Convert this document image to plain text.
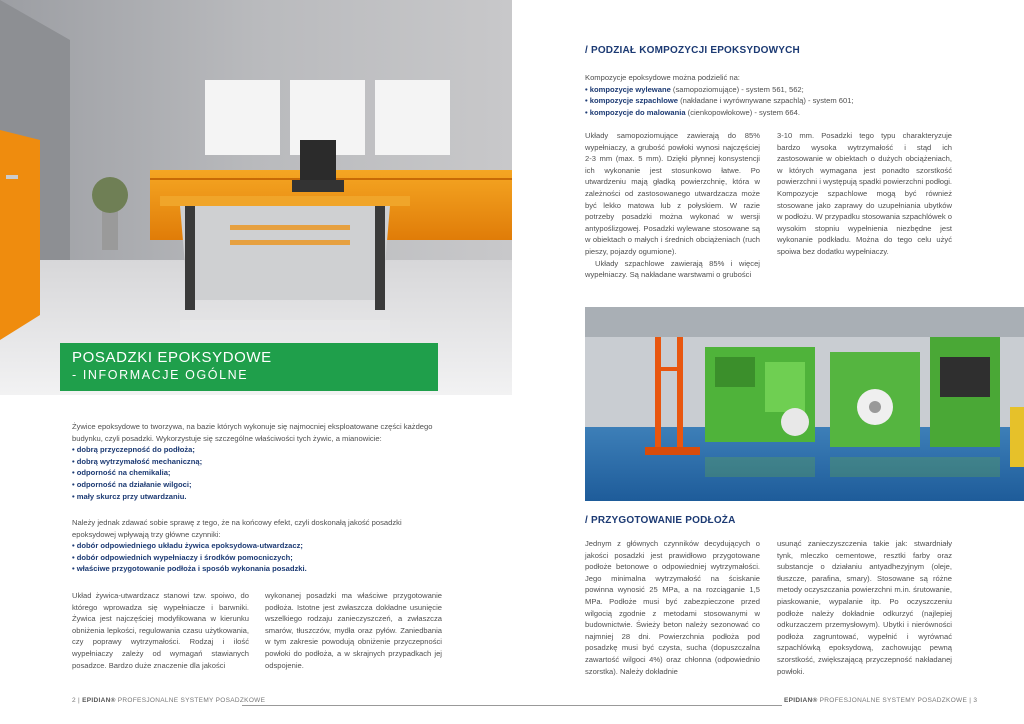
POSADZKI EPOKSYDOWE
- INFORMACJE OGÓLNE

Żywice epoksydowe to tworzywa, na bazie których wykonuje się najmocniej eksploatowane części każdego budynku, czyli posadzki. Wykorzystuje się szczególne właściwości tych żywic, a mianowicie:

• dobrą przyczepność do podłoża;

• dobrą wytrzymałość mechaniczną;

• odporność na chemikalia;

• odporność na działanie wilgoci;

• mały skurcz przy utwardzaniu.

Należy jednak zdawać sobie sprawę z tego, że na końcowy efekt, czyli doskonałą jakość posadzki epoksydowej wpływają trzy główne czynniki:

• dobór odpowiedniego układu żywica epoksydowa-utwardzacz;

• dobór odpowiednich wypełniaczy i środków pomocniczych;

• właściwe przygotowanie podłoża i sposób wykonania posadzki.

Układ żywica-utwardzacz stanowi tzw. spoiwo, do którego wprowadza się wypełniacze i barwniki. Żywica jest najczęściej modyfikowana w kierunku obniżenia lepkości, regulowania czasu użytkowania, czy poprawy wytrzymałości. Rodzaj i ilość wypełniaczy zależy od wymagań stawianych posadzce. Bardzo duże znaczenie dla jakości
wykonanej posadzki ma właściwe przygotowanie podłoża. Istotne jest zwłaszcza dokładne usunięcie wszelkiego rodzaju zanieczyszczeń, a zwłaszcza smarów, tłuszczów, mydła oraz pyłów. Zaniedbania w tym zakresie powodują obniżenie przyczepności powłoki do podłoża, a w skrajnych przypadkach jej odspojenie.
2 | EPIDIAN® PROFESJONALNE SYSTEMY POSADZKOWE
/ PODZIAŁ KOMPOZYCJI EPOKSYDOWYCH

Kompozycje epoksydowe można podzielić na:

• kompozycje wylewane (samopoziomujące) - system 561, 562;

• kompozycje szpachlowe (nakładane i wyrównywane szpachlą) - system 601;

• kompozycje do malowania (cienkopowłokowe) - system 664.

Układy samopoziomujące zawierają do 85% wypełniaczy, a grubość powłoki wynosi najczęściej 2-3 mm (max. 5 mm). Dzięki płynnej konsystencji ich wykonanie jest stosunkowo łatwe. Po utwardzeniu mają gładką powierzchnię, która w zależności od zastosowanego utwardzacza może być lekko matowa lub z połyskiem. W razie potrzeby posadzki można wykonać w wersji antypoślizgowej. Posadzki wylewane stosowane są w obiektach o małych i średnich obciążeniach (ruch pieszy, pojazdy ogumione).

Układy szpachlowe zawierają 85% i więcej wypełniaczy. Są nakładane warstwami o grubości

3-10 mm. Posadzki tego typu charakteryzuje bardzo wysoka wytrzymałość i stąd ich zastosowanie w obiektach o dużych obciążeniach, w których wymagana jest ponadto szorstkość powierzchni i występują spadki powierzchni podłogi. Kompozycje szpachlowe mogą być również stosowane jako zaprawy do uzupełniania ubytków w podłożu. W przypadku stosowania szpachlówek o wysokim stopniu wypełnienia niezbędne jest wykonanie podkładu. Można do tego celu użyć spoiwa bez dodatku wypełniaczy.
/ PRZYGOTOWANIE PODŁOŻA
Jednym z głównych czynników decydujących o jakości posadzki jest prawidłowo przygotowane podłoże betonowe o odpowiedniej wytrzymałości. Jego minimalna wytrzymałość na ściskanie powinna wynosić 25 MPa, a na rozciąganie 1,5 MPa. Podłoże musi być zabezpieczone przed wilgocią zgodnie z metodami stosowanymi w budownictwie. Świeży beton należy sezonować co najmniej 28 dni. Powierzchnia podłoża pod posadzkę musi być czysta, sucha (dopuszczalna zawartość wilgoci 4%) oraz chłonna (odpowiednio szorstka). Należy dokładnie
usunąć zanieczyszczenia takie jak: stwardniały tynk, mleczko cementowe, resztki farby oraz substancje o działaniu antyadhezyjnym (oleje, tłuszcze, parafina, smary). Stosowane są różne metody oczyszczania powierzchni m.in. śrutowanie, piaskowanie, wypalanie itp. Po oczyszczeniu podłoże należy dokładnie odkurzyć (najlepiej odkurzaczem przemysłowym). Ubytki i nierówności podłoża zagruntować, wypełnić i wyrównać szpachlówką epoksydową, zachowując pewną szorstkość, zwiększającą przyczepność nakładanej powłoki.
EPIDIAN® PROFESJONALNE SYSTEMY POSADZKOWE | 3
